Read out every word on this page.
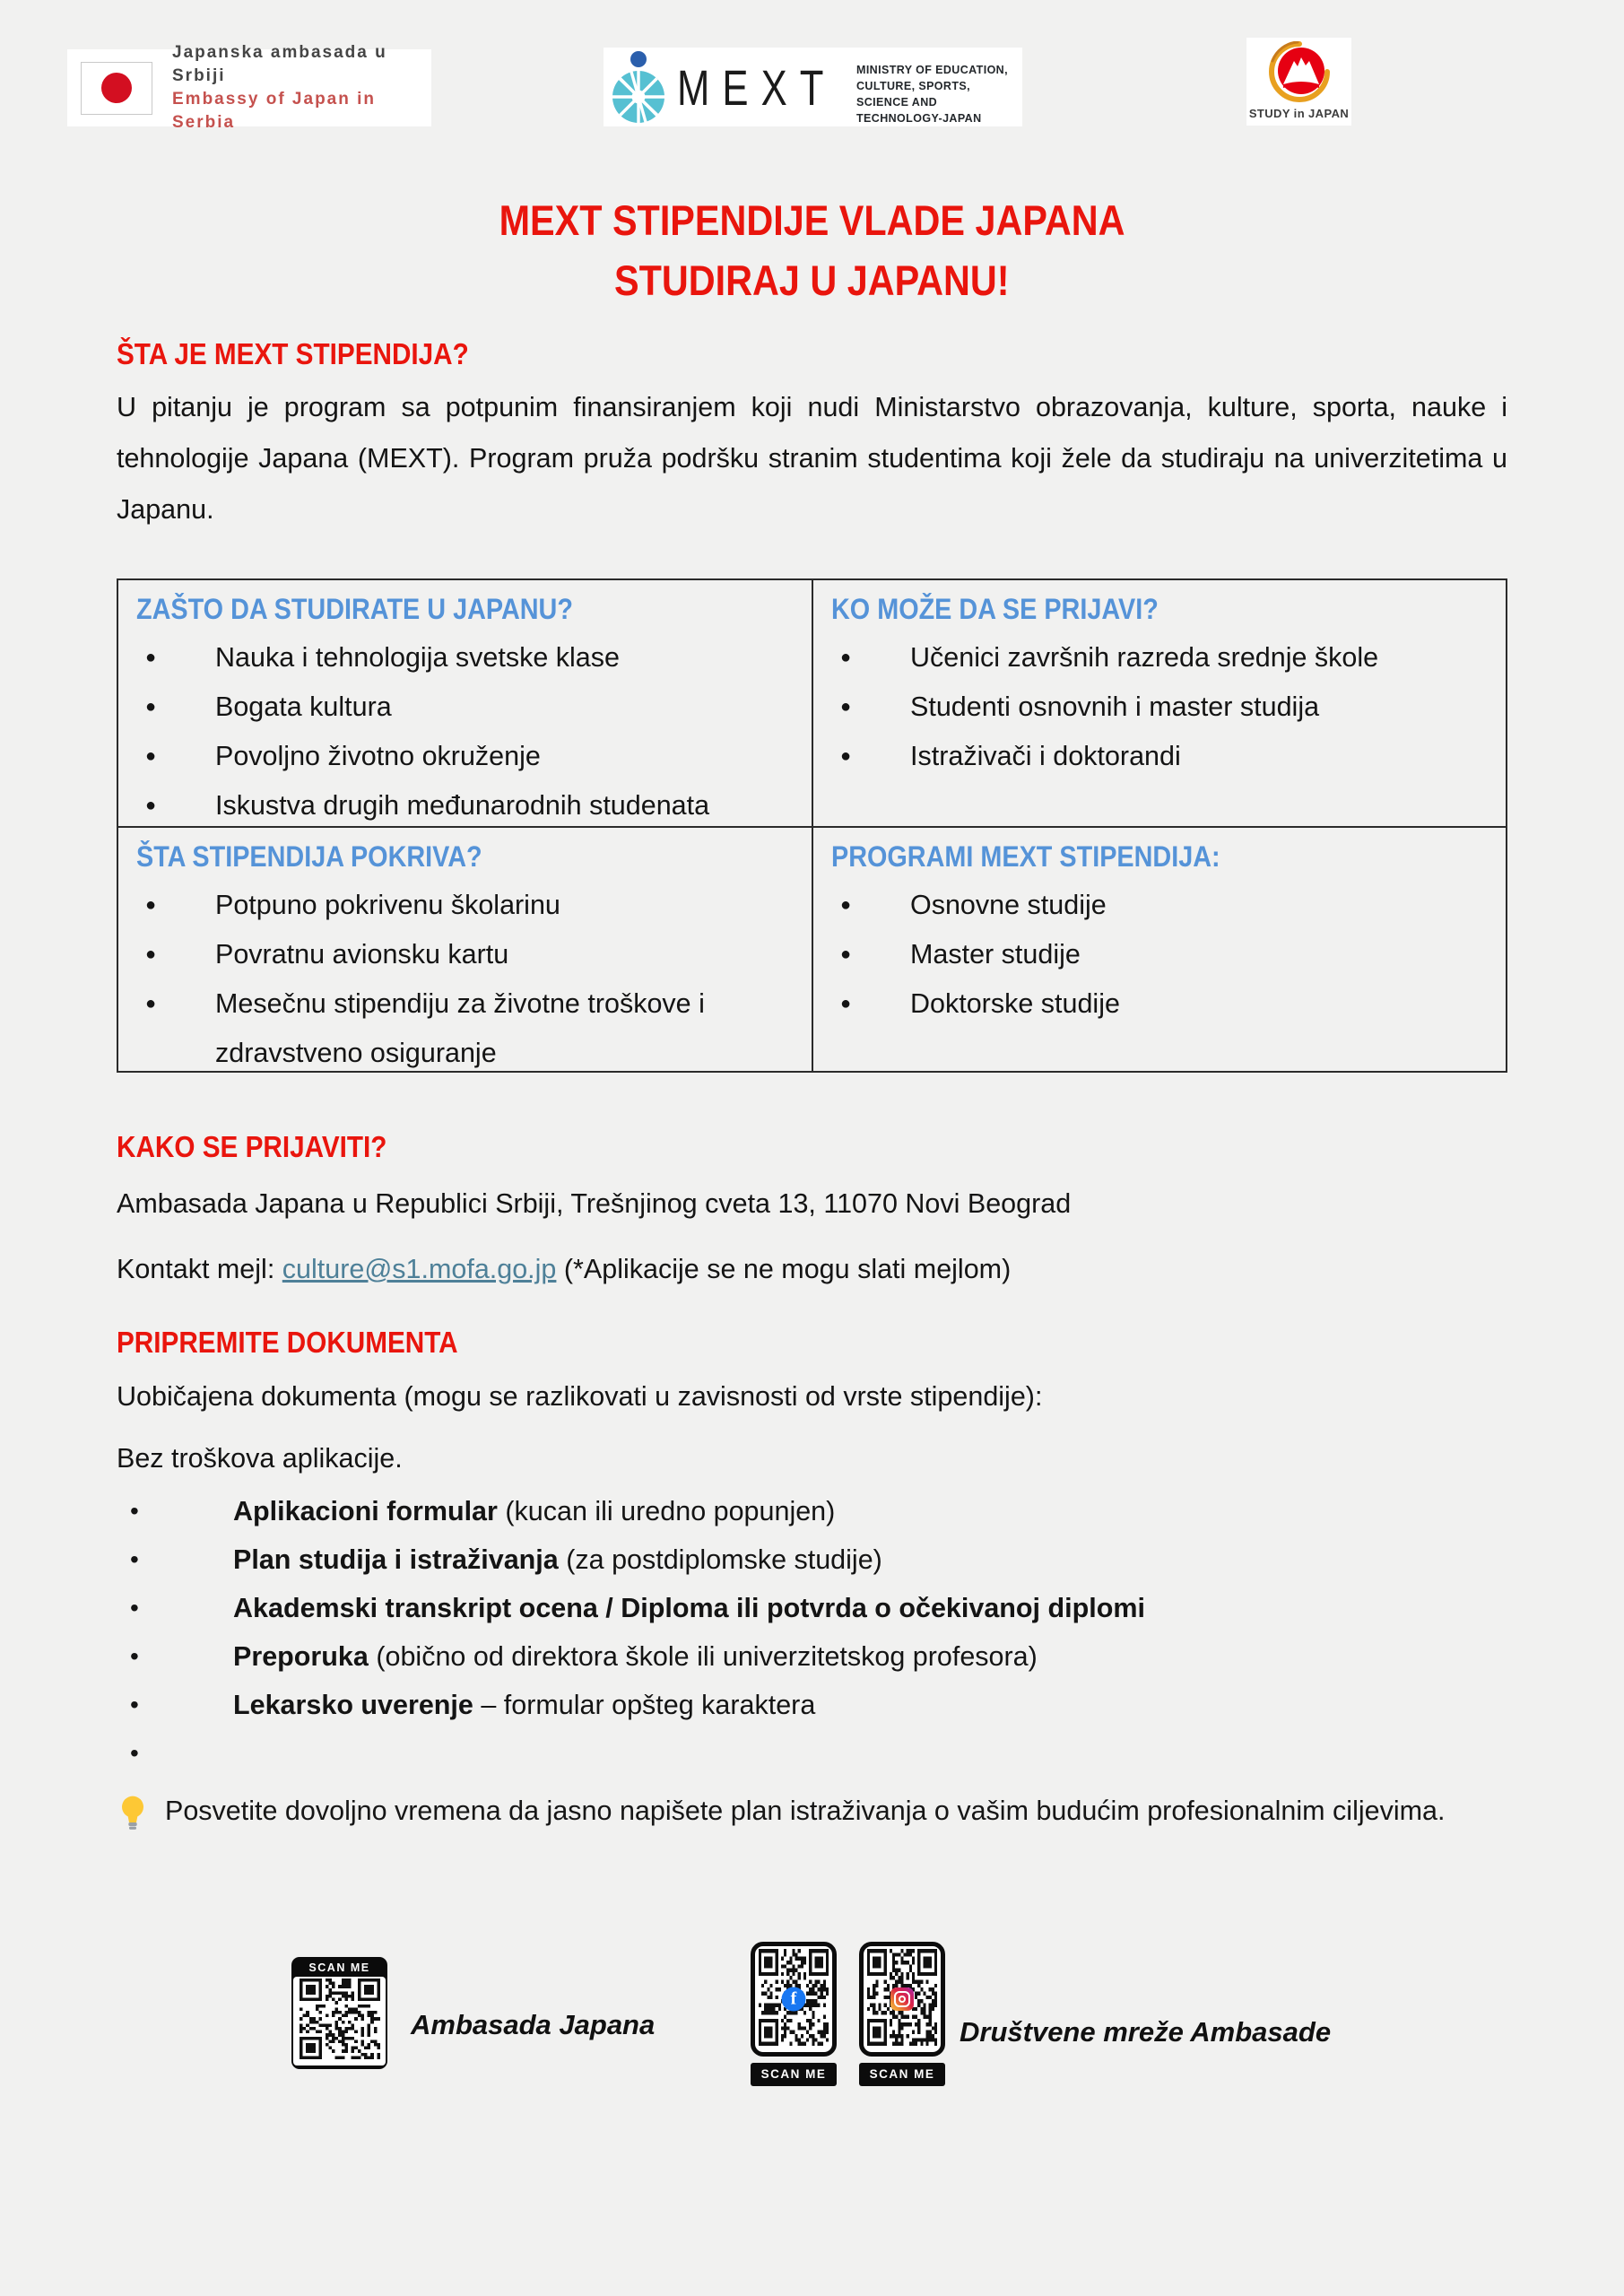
Japanska ambasada u Srbiji
Embassy of Japan in Serbia
MEXT MINISTRY OF EDUCATION,
CULTURE, SPORTS,
SCIENCE AND TECHNOLOGY-JAPAN	STUDY in JAPAN
MEXT STIPENDIJE VLADE JAPANA
STUDIRAJ U JAPANU!
ŠTA JE MEXT STIPENDIJA?

U pitanju je program sa potpunim finansiranjem koji nudi Ministarstvo obrazovanja, kulture, sporta, nauke i tehnologije Japana (MEXT). Program pruža podršku stranim studentima koji žele da studiraju na univerzitetima u Japanu.

ZAŠTO DA STUDIRATE U JAPANU?
●	Nauka i tehnologija svetske klase
●	Bogata kultura
●	Povoljno životno okruženje
●	Iskustva drugih međunarodnih studenata
KO MOŽE DA SE PRIJAVI?
●	Učenici završnih razreda srednje škole
●	Studenti osnovnih i master studija
●	Istraživači i doktorandi
ŠTA STIPENDIJA POKRIVA?
●	Potpuno pokrivenu školarinu
●	Povratnu avionsku kartu
●	Mesečnu stipendiju za životne troškove i zdravstveno osiguranje
PROGRAMI MEXT STIPENDIJA:
●	Osnovne studije
●	Master studije
●	Doktorske studije
KAKO SE PRIJAVITI?

Ambasada Japana u Republici Srbiji, Trešnjinog cveta 13, 11070 Novi Beograd

Kontakt mejl: culture@s1.mofa.go.jp (*Aplikacije se ne mogu slati mejlom)

PRIPREMITE DOKUMENTA

Uobičajena dokumenta (mogu se razlikovati u zavisnosti od vrste stipendije):

Bez troškova aplikacije.

•	Aplikacioni formular (kucan ili uredno popunjen)
•	Plan studija i istraživanja (za postdiplomske studije)
•	Akademski transkript ocena / Diploma ili potvrda o očekivanoj diplomi
•	Preporuka (obično od direktora škole ili univerzitetskog profesora)
•	Lekarsko uverenje – formular opšteg karaktera
•

Posvetite dovoljno vremena da jasno napišete plan istraživanja o vašim budućim profesionalnim ciljevima.

SCAN ME
Ambasada Japana
f
SCAN ME	SCAN ME
Društvene mreže Ambasade
